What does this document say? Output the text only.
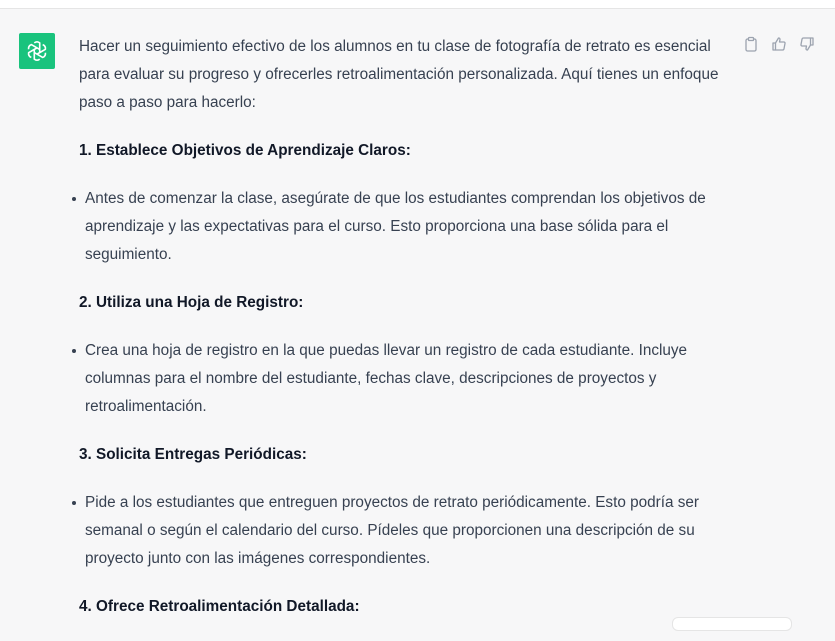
Hacer un seguimiento efectivo de los alumnos en tu clase de fotografía de retrato es esencial para evaluar su progreso y ofrecerles retroalimentación personalizada. Aquí tienes un enfoque paso a paso para hacerlo:

1. Establece Objetivos de Aprendizaje Claros:
Antes de comenzar la clase, asegúrate de que los estudiantes comprendan los objetivos de aprendizaje y las expectativas para el curso. Esto proporciona una base sólida para el seguimiento.
2. Utiliza una Hoja de Registro:
Crea una hoja de registro en la que puedas llevar un registro de cada estudiante. Incluye columnas para el nombre del estudiante, fechas clave, descripciones de proyectos y retroalimentación.
3. Solicita Entregas Periódicas:
Pide a los estudiantes que entreguen proyectos de retrato periódicamente. Esto podría ser semanal o según el calendario del curso. Pídeles que proporcionen una descripción de su proyecto junto con las imágenes correspondientes.
4. Ofrece Retroalimentación Detallada:
